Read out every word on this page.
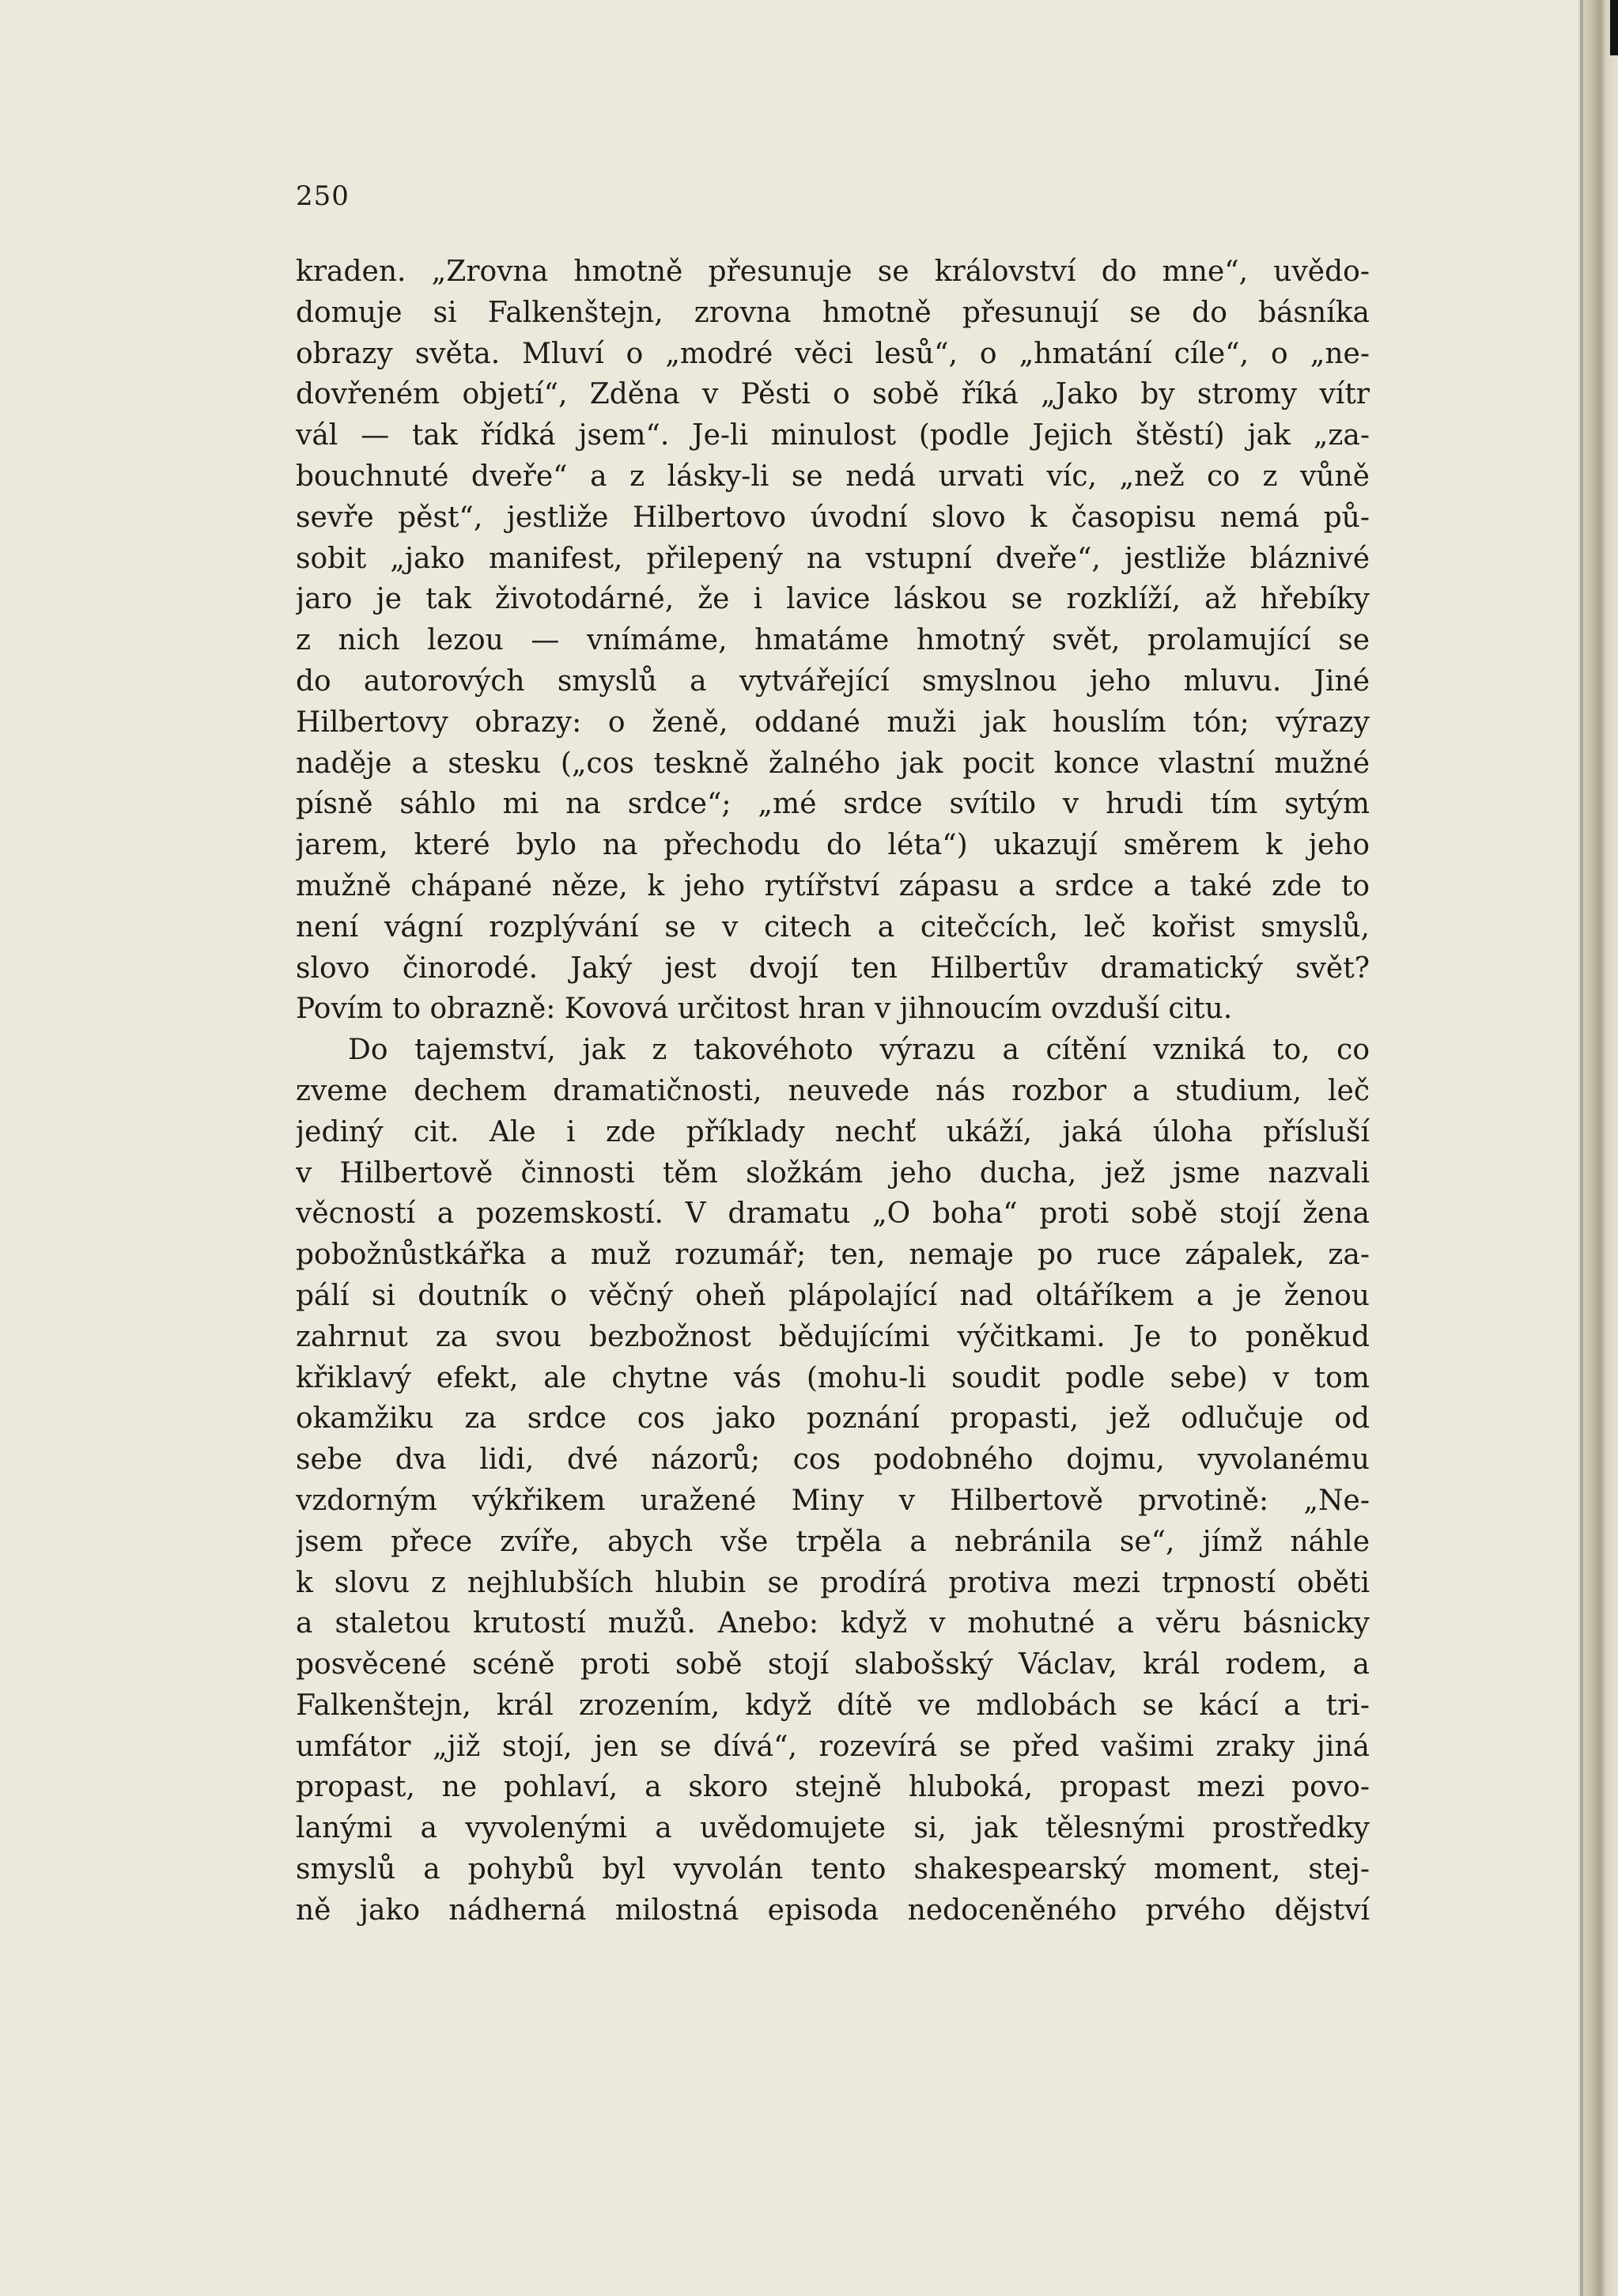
250
kraden. „Zrovna hmotně přesunuje se království do mne“, uvědo-
domuje si Falkenštejn, zrovna hmotně přesunují se do básníka
obrazy světa. Mluví o „modré věci lesů“, o „hmatání cíle“, o „ne-
dovřeném objetí“, Zděna v Pěsti o sobě říká „Jako by stromy vítr
vál — tak řídká jsem“. Je-li minulost (podle Jejich štěstí) jak „za-
bouchnuté dveře“ a z lásky-li se nedá urvati víc, „než co z vůně
sevře pěst“, jestliže Hilbertovo úvodní slovo k časopisu nemá pů-
sobit „jako manifest, přilepený na vstupní dveře“, jestliže bláznivé
jaro je tak životodárné, že i lavice láskou se rozklíží, až hřebíky
z nich lezou — vnímáme, hmatáme hmotný svět, prolamující se
do autorových smyslů a vytvářející smyslnou jeho mluvu. Jiné
Hilbertovy obrazy: o ženě, oddané muži jak houslím tón; výrazy
naděje a stesku („cos teskně žalného jak pocit konce vlastní mužné
písně sáhlo mi na srdce“; „mé srdce svítilo v hrudi tím sytým
jarem, které bylo na přechodu do léta“) ukazují směrem k jeho
mužně chápané něze, k jeho rytířství zápasu a srdce a také zde to
není vágní rozplývání se v citech a citečcích, leč kořist smyslů,
slovo činorodé. Jaký jest dvojí ten Hilbertův dramatický svět?
Povím to obrazně: Kovová určitost hran v jihnoucím ovzduší citu.
Do tajemství, jak z takovéhoto výrazu a cítění vzniká to, co
zveme dechem dramatičnosti, neuvede nás rozbor a studium, leč
jediný cit. Ale i zde příklady nechť ukáží, jaká úloha přísluší
v Hilbertově činnosti těm složkám jeho ducha, jež jsme nazvali
věcností a pozemskostí. V dramatu „O boha“ proti sobě stojí žena
pobožnůstkářka a muž rozumář; ten, nemaje po ruce zápalek, za-
pálí si doutník o věčný oheň plápolající nad oltáříkem a je ženou
zahrnut za svou bezbožnost bědujícími výčitkami. Je to poněkud
křiklavý efekt, ale chytne vás (mohu-li soudit podle sebe) v tom
okamžiku za srdce cos jako poznání propasti, jež odlučuje od
sebe dva lidi, dvé názorů; cos podobného dojmu, vyvolanému
vzdorným výkřikem uražené Miny v Hilbertově prvotině: „Ne-
jsem přece zvíře, abych vše trpěla a nebránila se“, jímž náhle
k slovu z nejhlubších hlubin se prodírá protiva mezi trpností oběti
a staletou krutostí mužů. Anebo: když v mohutné a věru básnicky
posvěcené scéně proti sobě stojí slabošský Václav, král rodem, a
Falkenštejn, král zrozením, když dítě ve mdlobách se kácí a tri-
umfátor „již stojí, jen se dívá“, rozevírá se před vašimi zraky jiná
propast, ne pohlaví, a skoro stejně hluboká, propast mezi povo-
lanými a vyvolenými a uvědomujete si, jak tělesnými prostředky
smyslů a pohybů byl vyvolán tento shakespearský moment, stej-
ně jako nádherná milostná episoda nedoceněného prvého dějství
